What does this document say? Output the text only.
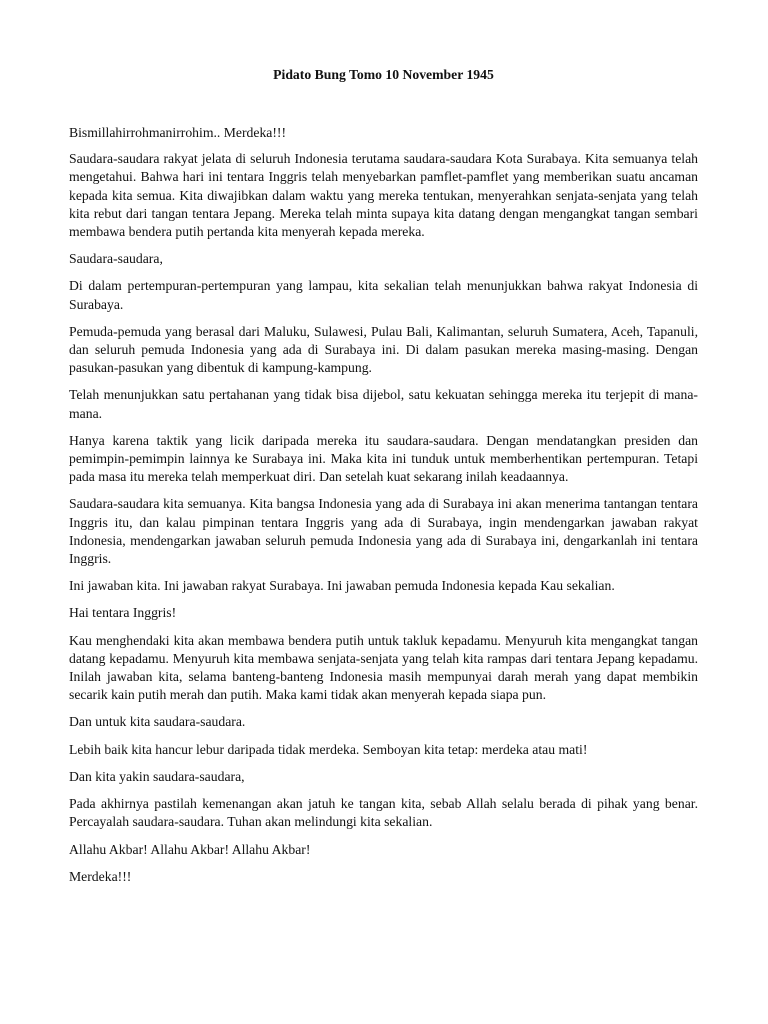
Pidato Bung Tomo 10 November 1945

Bismillahirrohmanirrohim.. Merdeka!!!

Saudara-saudara rakyat jelata di seluruh Indonesia terutama saudara-saudara Kota Surabaya. Kita semuanya telah mengetahui. Bahwa hari ini tentara Inggris telah menyebarkan pamflet-pamflet yang memberikan suatu ancaman kepada kita semua. Kita diwajibkan dalam waktu yang mereka tentukan, menyerahkan senjata-senjata yang telah kita rebut dari tangan tentara Jepang. Mereka telah minta supaya kita datang dengan mengangkat tangan sembari membawa bendera putih pertanda kita menyerah kepada mereka.

Saudara-saudara,

Di dalam pertempuran-pertempuran yang lampau, kita sekalian telah menunjukkan bahwa rakyat Indonesia di Surabaya.

Pemuda-pemuda yang berasal dari Maluku, Sulawesi, Pulau Bali, Kalimantan, seluruh Sumatera, Aceh, Tapanuli, dan seluruh pemuda Indonesia yang ada di Surabaya ini. Di dalam pasukan mereka masing-masing. Dengan pasukan-pasukan yang dibentuk di kampung-kampung.

Telah menunjukkan satu pertahanan yang tidak bisa dijebol, satu kekuatan sehingga mereka itu terjepit di mana-mana.

Hanya karena taktik yang licik daripada mereka itu saudara-saudara. Dengan mendatangkan presiden dan pemimpin-pemimpin lainnya ke Surabaya ini. Maka kita ini tunduk untuk memberhentikan pertempuran. Tetapi pada masa itu mereka telah memperkuat diri. Dan setelah kuat sekarang inilah keadaannya.

Saudara-saudara kita semuanya. Kita bangsa Indonesia yang ada di Surabaya ini akan menerima tantangan tentara Inggris itu, dan kalau pimpinan tentara Inggris yang ada di Surabaya, ingin mendengarkan jawaban rakyat Indonesia, mendengarkan jawaban seluruh pemuda Indonesia yang ada di Surabaya ini, dengarkanlah ini tentara Inggris.

Ini jawaban kita. Ini jawaban rakyat Surabaya. Ini jawaban pemuda Indonesia kepada Kau sekalian.

Hai tentara Inggris!

Kau menghendaki kita akan membawa bendera putih untuk takluk kepadamu. Menyuruh kita mengangkat tangan datang kepadamu. Menyuruh kita membawa senjata-senjata yang telah kita rampas dari tentara Jepang kepadamu. Inilah jawaban kita, selama banteng-banteng Indonesia masih mempunyai darah merah yang dapat membikin secarik kain putih merah dan putih. Maka kami tidak akan menyerah kepada siapa pun.

Dan untuk kita saudara-saudara.

Lebih baik kita hancur lebur daripada tidak merdeka. Semboyan kita tetap: merdeka atau mati!

Dan kita yakin saudara-saudara,

Pada akhirnya pastilah kemenangan akan jatuh ke tangan kita, sebab Allah selalu berada di pihak yang benar. Percayalah saudara-saudara. Tuhan akan melindungi kita sekalian.

Allahu Akbar! Allahu Akbar! Allahu Akbar!

Merdeka!!!
